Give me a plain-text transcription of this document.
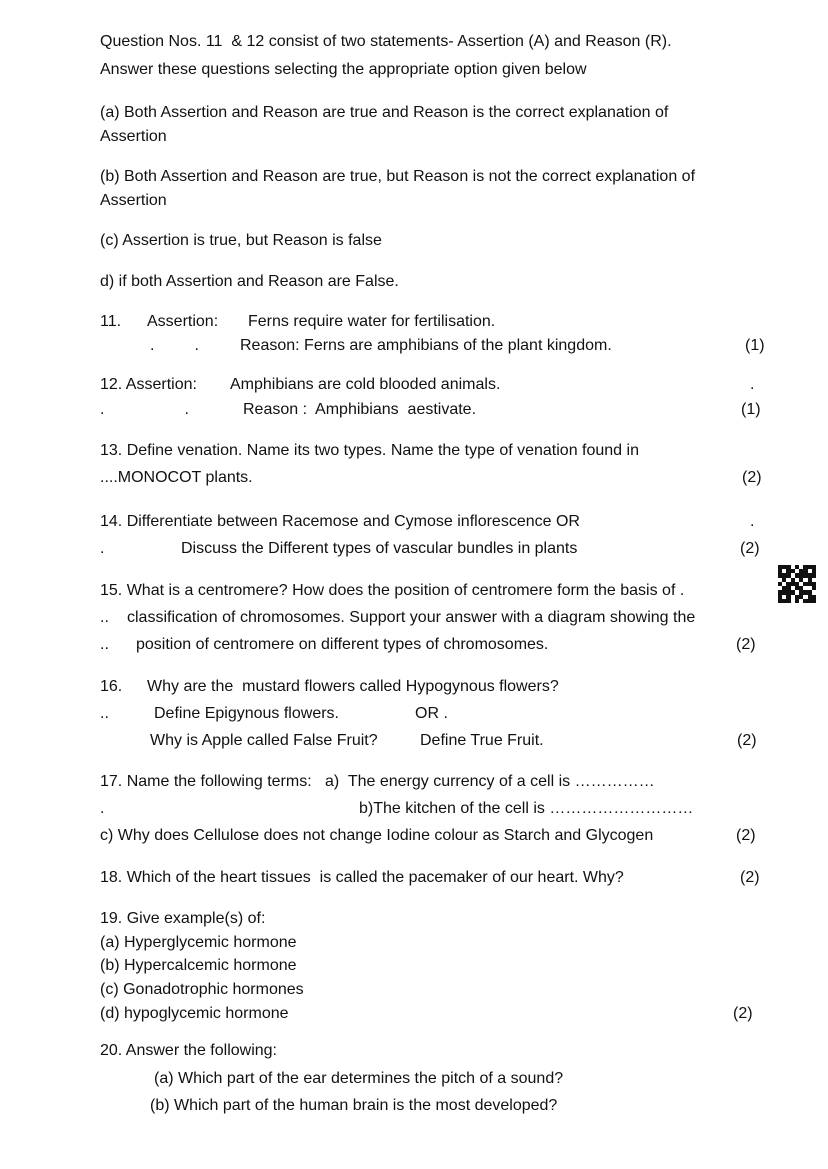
Question Nos. 11  & 12 consist of two statements- Assertion (A) and Reason (R).
Answer these questions selecting the appropriate option given below
(a) Both Assertion and Reason are true and Reason is the correct explanation of
Assertion
(b) Both Assertion and Reason are true, but Reason is not the correct explanation of
Assertion
(c) Assertion is true, but Reason is false
d) if both Assertion and Reason are False.
11. Assertion: Ferns require water for fertilisation.
.         .	Reason: Ferns are amphibians of the plant kingdom.	(1)
12. Assertion: Amphibians are cold blooded animals.	.
.                  .	Reason :  Amphibians  aestivate.	(1)
13. Define venation. Name its two types. Name the type of venation found in
....MONOCOT plants.	(2)
14. Differentiate between Racemose and Cymose inflorescence OR	.
.	Discuss the Different types of vascular bundles in plants	(2)
15. What is a centromere? How does the position of centromere form the basis of .
.. classification of chromosomes. Support your answer with a diagram showing the
.. position of centromere on different types of chromosomes.	(2)
16. Why are the  mustard flowers called Hypogynous flowers?
..	Define Epigynous flowers.	OR .
Why is Apple called False Fruit?	Define True Fruit.	(2)
17. Name the following terms:   a)  The energy currency of a cell is ……………
.	b)The kitchen of the cell is ………………………
c) Why does Cellulose does not change Iodine colour as Starch and Glycogen	(2)
18. Which of the heart tissues  is called the pacemaker of our heart. Why?	(2)
19. Give example(s) of:
(a) Hyperglycemic hormone
(b) Hypercalcemic hormone
(c) Gonadotrophic hormones
(d) hypoglycemic hormone	(2)
20. Answer the following:
(a) Which part of the ear determines the pitch of a sound?
(b) Which part of the human brain is the most developed?
